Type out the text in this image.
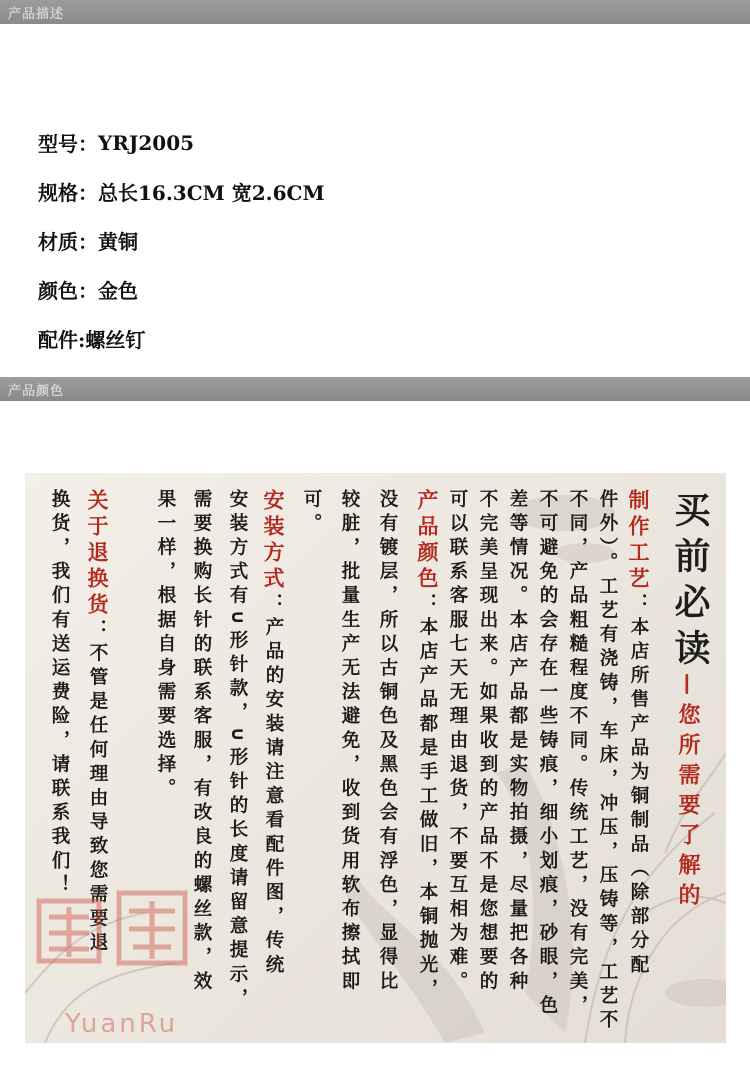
产品描述
型号： YRJ2005
规格： 总长16.3CM 宽2.6CM
材质： 黄铜
颜色： 金色
配件: 螺丝钉
产品颜色
买前必读
—您所需要了解的
制作工艺：本店所售产品为铜制品（除部分配
件外）。工艺有浇铸，车床，冲压，压铸等，工艺不
不同，产品粗糙程度不同。传统工艺，没有完美，
不可避免的会存在一些铸痕，细小划痕，砂眼，色
差等情况。本店产品都是实物拍摄，尽量把各种
不完美呈现出来。如果收到的产品不是您想要的
可以联系客服七天无理由退货，不要互相为难。
产品颜色：本店产品都是手工做旧，本铜抛光，
没有镀层，所以古铜色及黑色会有浮色，显得比
较脏，批量生产无法避免，收到货用软布擦拭即
可。
安装方式：产品的安装请注意看配件图，传统
安装方式有∪形针款，∪形针的长度请留意提示，
需要换购长针的联系客服，有改良的螺丝款，效
果一样，根据自身需要选择。
关于退换货：不管是任何理由导致您需要退
换货，我们有送运费险，请联系我们！
YuanRu
